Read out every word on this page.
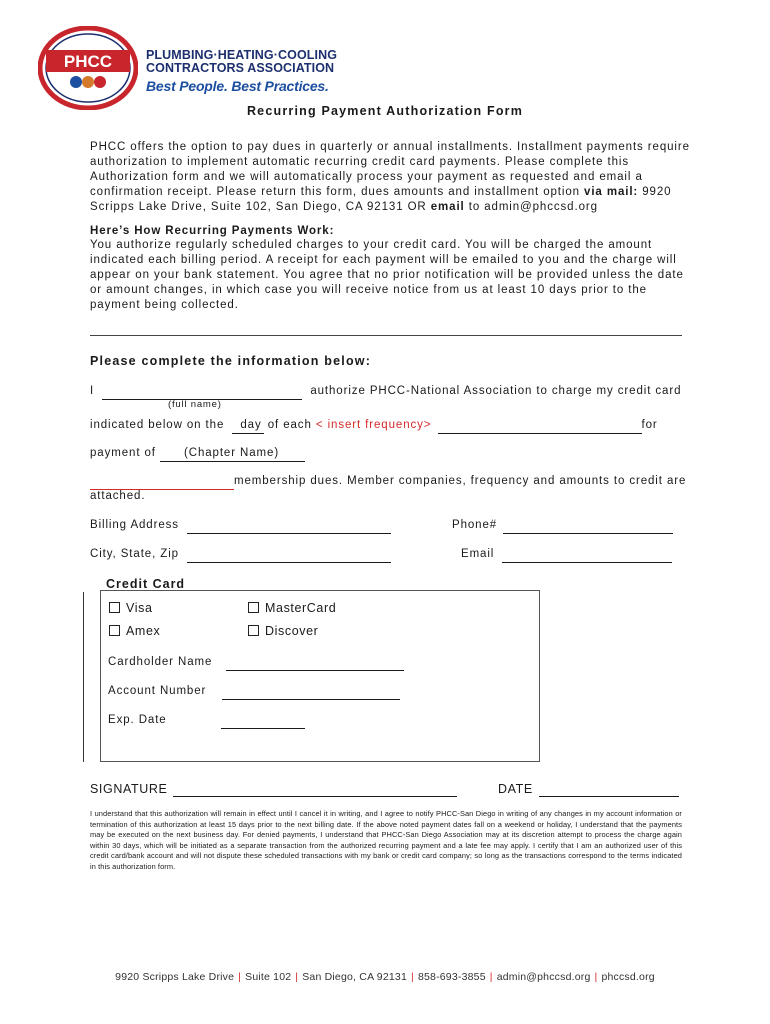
PHCC	PLUMBING·HEATING·COOLING
CONTRACTORS ASSOCIATION
Best People. Best Practices.
Recurring Payment Authorization Form
PHCC offers the option to pay dues in quarterly or annual installments. Installment payments require authorization to implement automatic recurring credit card payments. Please complete this Authorization form and we will automatically process your payment as requested and email a confirmation receipt. Please return this form, dues amounts and installment option via mail: 9920 Scripps Lake Drive, Suite 102, San Diego, CA 92131 OR email to admin@phccsd.org
Here’s How Recurring Payments Work:
You authorize regularly scheduled charges to your credit card. You will be charged the amount indicated each billing period. A receipt for each payment will be emailed to you and the charge will appear on your bank statement. You agree that no prior notification will be provided unless the date or amount changes, in which case you will receive notice from us at least 10 days prior to the payment being collected.
Please complete the information below:
I	authorize PHCC-National Association to charge my credit card
(full name)
indicated below on the day of each < insert frequency>	for
payment of (Chapter Name)
membership dues. Member companies, frequency and amounts to credit are
attached.
Billing Address	Phone#
City, State, Zip	Email
Credit Card
Visa	MasterCard
Amex	Discover
Cardholder Name
Account Number
Exp. Date
SIGNATURE	DATE
I understand that this authorization will remain in effect until I cancel it in writing, and I agree to notify PHCC-San Diego in writing of any changes in my account information or termination of this authorization at least 15 days prior to the next billing date. If the above noted payment dates fall on a weekend or holiday, I understand that the payments may be executed on the next business day. For denied payments, I understand that PHCC-San Diego Association may at its discretion attempt to process the charge again within 30 days, which will be initiated as a separate transaction from the authorized recurring payment and a late fee may apply. I certify that I am an authorized user of this credit card/bank account and will not dispute these scheduled transactions with my bank or credit card company; so long as the transactions correspond to the terms indicated in this authorization form.
9920 Scripps Lake Drive | Suite 102 | San Diego, CA 92131 | 858-693-3855 | admin@phccsd.org | phccsd.org
